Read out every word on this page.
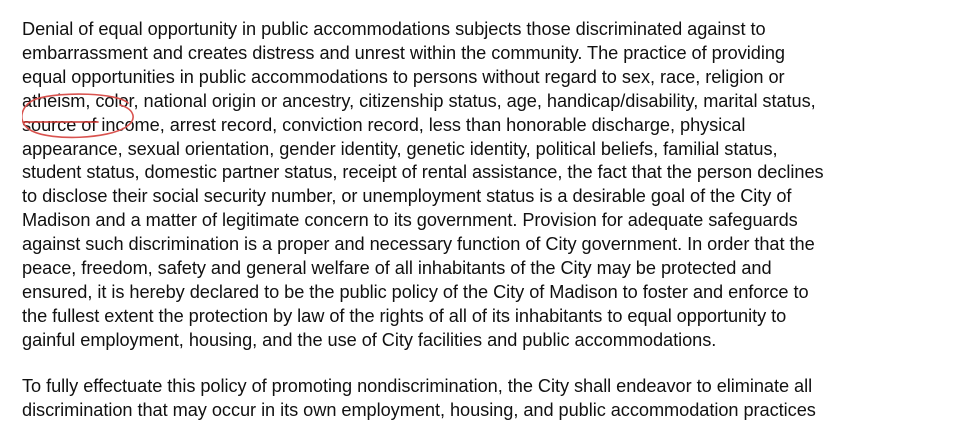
Denial of equal opportunity in public accommodations subjects those discriminated against to
embarrassment and creates distress and unrest within the community. The practice of providing
equal opportunities in public accommodations to persons without regard to sex, race, religion or
atheism, color, national origin or ancestry, citizenship status, age, handicap/disability, marital status,
source of income, arrest record, conviction record, less than honorable discharge, physical
appearance, sexual orientation, gender identity, genetic identity, political beliefs, familial status,
student status, domestic partner status, receipt of rental assistance, the fact that the person declines
to disclose their social security number, or unemployment status is a desirable goal of the City of
Madison and a matter of legitimate concern to its government. Provision for adequate safeguards
against such discrimination is a proper and necessary function of City government. In order that the
peace, freedom, safety and general welfare of all inhabitants of the City may be protected and
ensured, it is hereby declared to be the public policy of the City of Madison to foster and enforce to
the fullest extent the protection by law of the rights of all of its inhabitants to equal opportunity to
gainful employment, housing, and the use of City facilities and public accommodations.
To fully effectuate this policy of promoting nondiscrimination, the City shall endeavor to eliminate all
discrimination that may occur in its own employment, housing, and public accommodation practices
